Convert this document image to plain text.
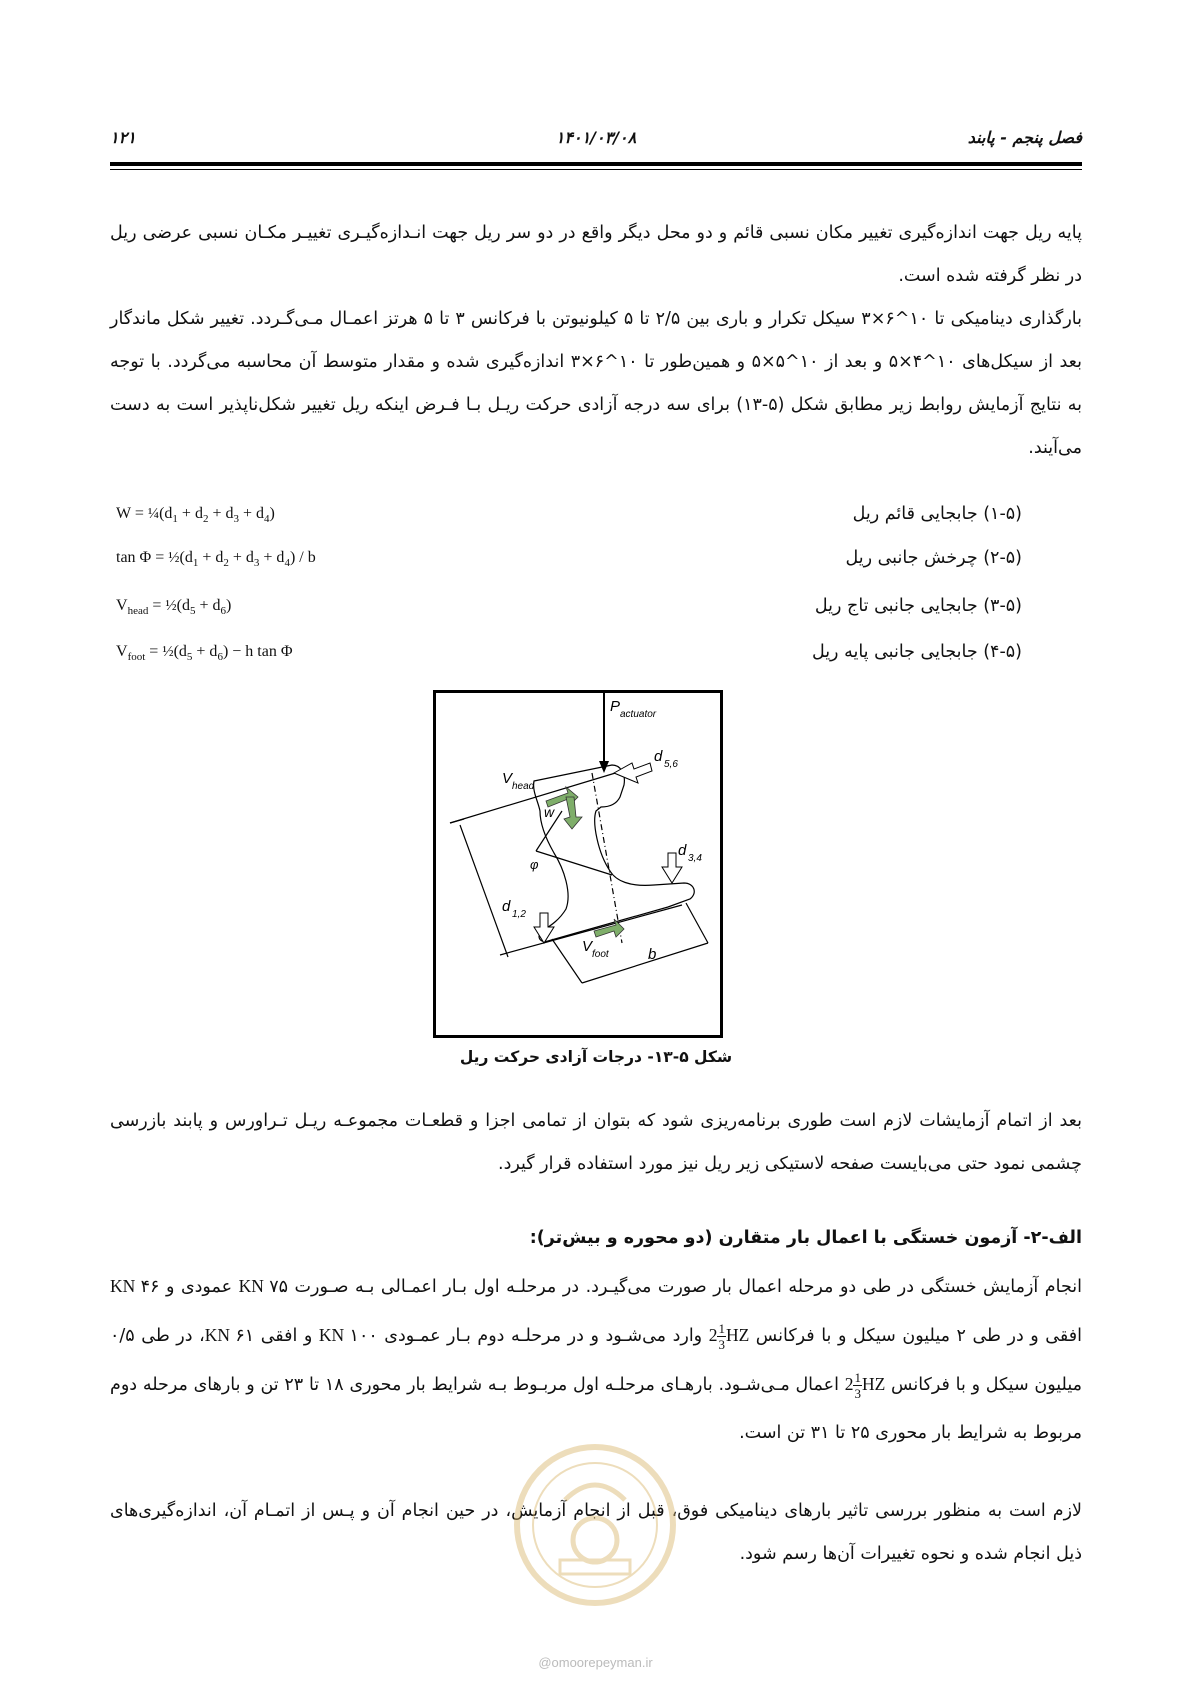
۱۲۱	۱۴۰۱/۰۳/۰۸	فصل پنجم - پابند
پایه ریل جهت اندازه‌گیری تغییر مکان نسبی قائم و دو محل دیگر واقع در دو سر ریل جهت انـدازه‌گیـری تغییـر مکـان نسبی عرضی ریل در نظر گرفته شده است.
بارگذاری دینامیکی تا ۱۰^۶×۳ سیکل تکرار و باری بین ۲/۵ تا ۵ کیلونیوتن با فرکانس ۳ تا ۵ هرتز اعمـال مـی‌گـردد. تغییر شکل ماندگار بعد از سیکل‌های ۱۰^۴×۵ و بعد از ۱۰^۵×۵ و همین‌طور تا ۱۰^۶×۳ اندازه‌گیری شده و مقدار متوسط آن محاسبه می‌گردد. با توجه به نتایج آزمایش روابط زیر مطابق شکل (۵-۱۳) برای سه درجه آزادی حرکت ریـل بـا فـرض اینکه ریل تغییر شکل‌ناپذیر است به دست می‌آیند.
(۱-۵) جابجایی قائم ریل
$W = \frac{1}{4}(d_1 + d_2 + d_3 + d_4)$
(۲-۵) چرخش جانبی ریل
$\tan \Phi = \frac{1}{2}(d_1 + d_2 + d_3 + d_4) / b$
(۳-۵) جابجایی جانبی تاج ریل
$V_{head}$ = $\frac{1}{2}(d_5 + d_6)$
(۴-۵) جابجایی جانبی پایه ریل
$V_{foot}$ = $\frac{1}{2}(d_5 + d_6) - h$ tan Φ
P actuator
d 5,6
V head
w
φ
d 3,4
d 1,2
V foot	b
شکل ۵-۱۳- درجات آزادی حرکت ریل
بعد از اتمام آزمایشات لازم است طوری برنامه‌ریزی شود که بتوان از تمامی اجزا و قطعـات مجموعـه ریـل تـراورس و پابند بازرسی چشمی نمود حتی می‌بایست صفحه لاستیکی زیر ریل نیز مورد استفاده قرار گیرد.
الف-۲- آزمون خستگی با اعمال بار متقارن (دو محوره و بیش‌تر):
انجام آزمایش خستگی در طی دو مرحله اعمال بار صورت می‌گیـرد. در مرحلـه اول بـار اعمـالی بـه صـورت KN ۷۵ عمودی و KN ۴۶ افقی و در طی ۲ میلیون سیکل و با فرکانس $2 \frac{1}{3}$ HZ وارد می‌شـود و در مرحلـه دوم بـار عمـودی KN ۱۰۰ و افقی KN ۶۱، در طی ۰/۵ میلیون سیکل و با فرکانس $2 \frac{1}{3}$ HZ اعمال مـی‌شـود. بارهـای مرحلـه اول مربـوط بـه شرایط بار محوری ۱۸ تا ۲۳ تن و بارهای مرحله دوم مربوط به شرایط بار محوری ۲۵ تا ۳۱ تن است.
لازم است به منظور بررسی تاثیر بارهای دینامیکی فوق، قبل از انجام آزمایش، در حین انجام آن و پـس از اتمـام آن، اندازه‌گیری‌های ذیل انجام شده و نحوه تغییرات آن‌ها رسم شود.
@omoorepeyman.ir
